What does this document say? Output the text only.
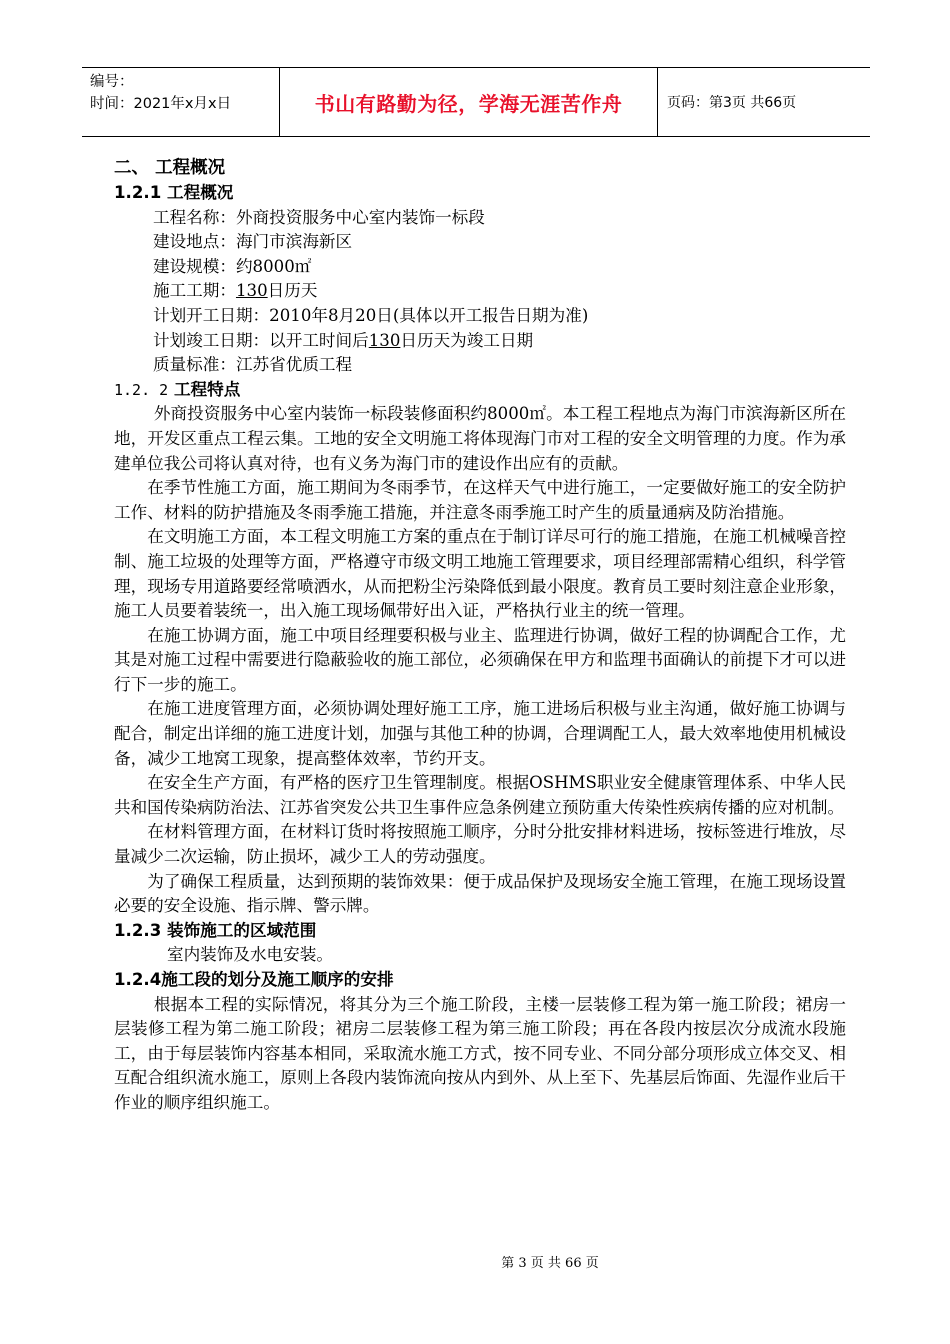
编号：
时间：2021年x月x日	书山有路勤为径，学海无涯苦作舟	页码：第3页 共66页
二、 工程概况
1.2.1 工程概况
工程名称：外商投资服务中心室内装饰一标段
建设地点：海门市滨海新区
建设规模：约8000㎡
施工工期：130日历天
计划开工日期：2010年8月20日(具体以开工报告日期为准)
计划竣工日期：以开工时间后130日历天为竣工日期
质量标准：江苏省优质工程
1.2. 2 工程特点

外商投资服务中心室内装饰一标段装修面积约8000㎡。本工程工程地点为海门市滨海新区所在地，开发区重点工程云集。工地的安全文明施工将体现海门市对工程的安全文明管理的力度。作为承建单位我公司将认真对待，也有义务为海门市的建设作出应有的贡献。

在季节性施工方面，施工期间为冬雨季节，在这样天气中进行施工，一定要做好施工的安全防护工作、材料的防护措施及冬雨季施工措施，并注意冬雨季施工时产生的质量通病及防治措施。

在文明施工方面，本工程文明施工方案的重点在于制订详尽可行的施工措施，在施工机械噪音控制、施工垃圾的处理等方面，严格遵守市级文明工地施工管理要求，项目经理部需精心组织，科学管理，现场专用道路要经常喷洒水，从而把粉尘污染降低到最小限度。教育员工要时刻注意企业形象，施工人员要着装统一，出入施工现场佩带好出入证，严格执行业主的统一管理。

在施工协调方面，施工中项目经理要积极与业主、监理进行协调，做好工程的协调配合工作，尤其是对施工过程中需要进行隐蔽验收的施工部位，必须确保在甲方和监理书面确认的前提下才可以进行下一步的施工。

在施工进度管理方面，必须协调处理好施工工序，施工进场后积极与业主沟通，做好施工协调与配合，制定出详细的施工进度计划，加强与其他工种的协调，合理调配工人，最大效率地使用机械设备，减少工地窝工现象，提高整体效率，节约开支。

在安全生产方面，有严格的医疗卫生管理制度。根据OSHMS职业安全健康管理体系、中华人民共和国传染病防治法、江苏省突发公共卫生事件应急条例建立预防重大传染性疾病传播的应对机制。

在材料管理方面，在材料订货时将按照施工顺序，分时分批安排材料进场，按标签进行堆放，尽量减少二次运输，防止损坏，减少工人的劳动强度。

为了确保工程质量，达到预期的装饰效果：便于成品保护及现场安全施工管理，在施工现场设置必要的安全设施、指示牌、警示牌。

1.2.3 装饰施工的区域范围
室内装饰及水电安装。
1.2.4施工段的划分及施工顺序的安排

根据本工程的实际情况，将其分为三个施工阶段，主楼一层装修工程为第一施工阶段；裙房一层装修工程为第二施工阶段；裙房二层装修工程为第三施工阶段；再在各段内按层次分成流水段施工，由于每层装饰内容基本相同，采取流水施工方式，按不同专业、不同分部分项形成立体交叉、相互配合组织流水施工，原则上各段内装饰流向按从内到外、从上至下、先基层后饰面、先湿作业后干作业的顺序组织施工。

第 3 页 共 66 页
